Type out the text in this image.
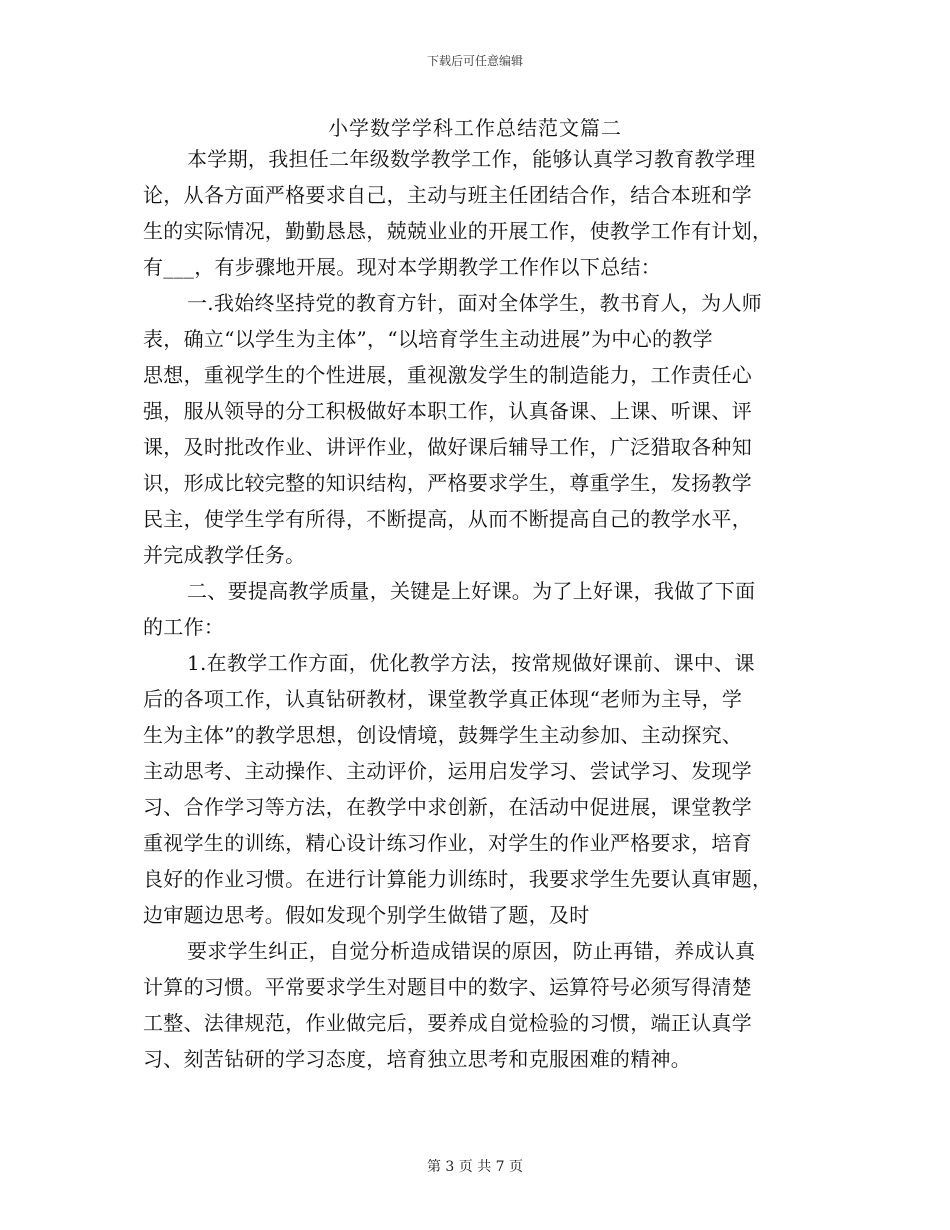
下载后可任意编辑
小学数学学科工作总结范文篇二
本学期，我担任二年级数学教学工作，能够认真学习教育教学理
论，从各方面严格要求自己，主动与班主任团结合作，结合本班和学
生的实际情况，勤勤恳恳，兢兢业业的开展工作，使教学工作有计划，
有___，有步骤地开展。现对本学期教学工作作以下总结：
一.我始终坚持党的教育方针，面对全体学生，教书育人，为人师
表，确立“以学生为主体”，“以培育学生主动进展”为中心的教学
思想，重视学生的个性进展，重视激发学生的制造能力，工作责任心
强，服从领导的分工积极做好本职工作，认真备课、上课、听课、评
课，及时批改作业、讲评作业，做好课后辅导工作，广泛猎取各种知
识，形成比较完整的知识结构，严格要求学生，尊重学生，发扬教学
民主，使学生学有所得，不断提高，从而不断提高自己的教学水平，
并完成教学任务。
二、要提高教学质量，关键是上好课。为了上好课，我做了下面
的工作：
1.在教学工作方面，优化教学方法，按常规做好课前、课中、课
后的各项工作，认真钻研教材，课堂教学真正体现“老师为主导，学
生为主体”的教学思想，创设情境，鼓舞学生主动参加、主动探究、
主动思考、主动操作、主动评价，运用启发学习、尝试学习、发现学
习、合作学习等方法，在教学中求创新，在活动中促进展，课堂教学
重视学生的训练，精心设计练习作业，对学生的作业严格要求，培育
良好的作业习惯。在进行计算能力训练时，我要求学生先要认真审题，
边审题边思考。假如发现个别学生做错了题，及时
要求学生纠正，自觉分析造成错误的原因，防止再错，养成认真
计算的习惯。平常要求学生对题目中的数字、运算符号必须写得清楚
工整、法律规范，作业做完后，要养成自觉检验的习惯，端正认真学
习、刻苦钻研的学习态度，培育独立思考和克服困难的精神。
第 3 页 共 7 页
